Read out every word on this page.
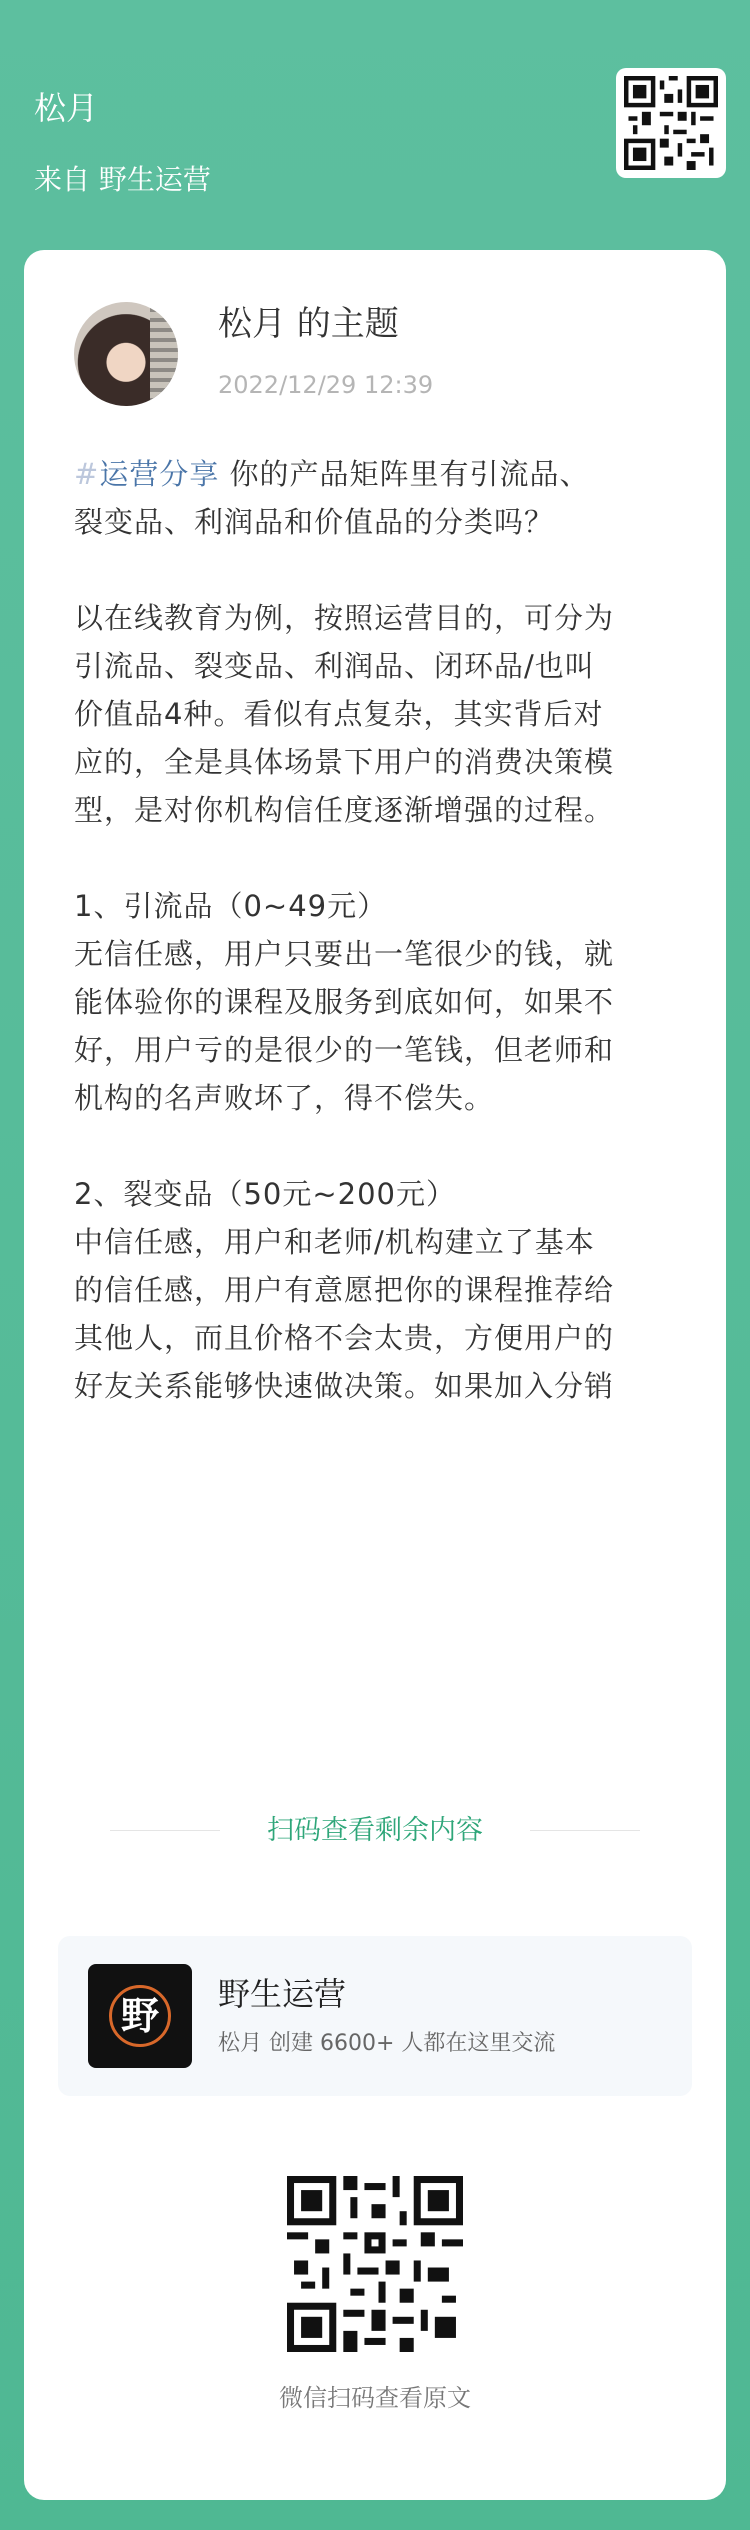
松月
来自 野生运营
松月 的主题
2022/12/29 12:39

#运营分享 你的产品矩阵里有引流品、

裂变品、利润品和价值品的分类吗？

以在线教育为例，按照运营目的，可分为

引流品、裂变品、利润品、闭环品/也叫

价值品4种。看似有点复杂，其实背后对

应的，全是具体场景下用户的消费决策模

型，是对你机构信任度逐渐增强的过程。

1、引流品（0~49元）

无信任感，用户只要出一笔很少的钱，就

能体验你的课程及服务到底如何，如果不

好，用户亏的是很少的一笔钱，但老师和

机构的名声败坏了，得不偿失。

2、裂变品（50元~200元）

中信任感，用户和老师/机构建立了基本

的信任感，用户有意愿把你的课程推荐给

其他人，而且价格不会太贵，方便用户的

好友关系能够快速做决策。如果加入分销

扫码查看剩余内容
野	野生运营
松月 创建 6600+ 人都在这里交流
微信扫码查看原文
